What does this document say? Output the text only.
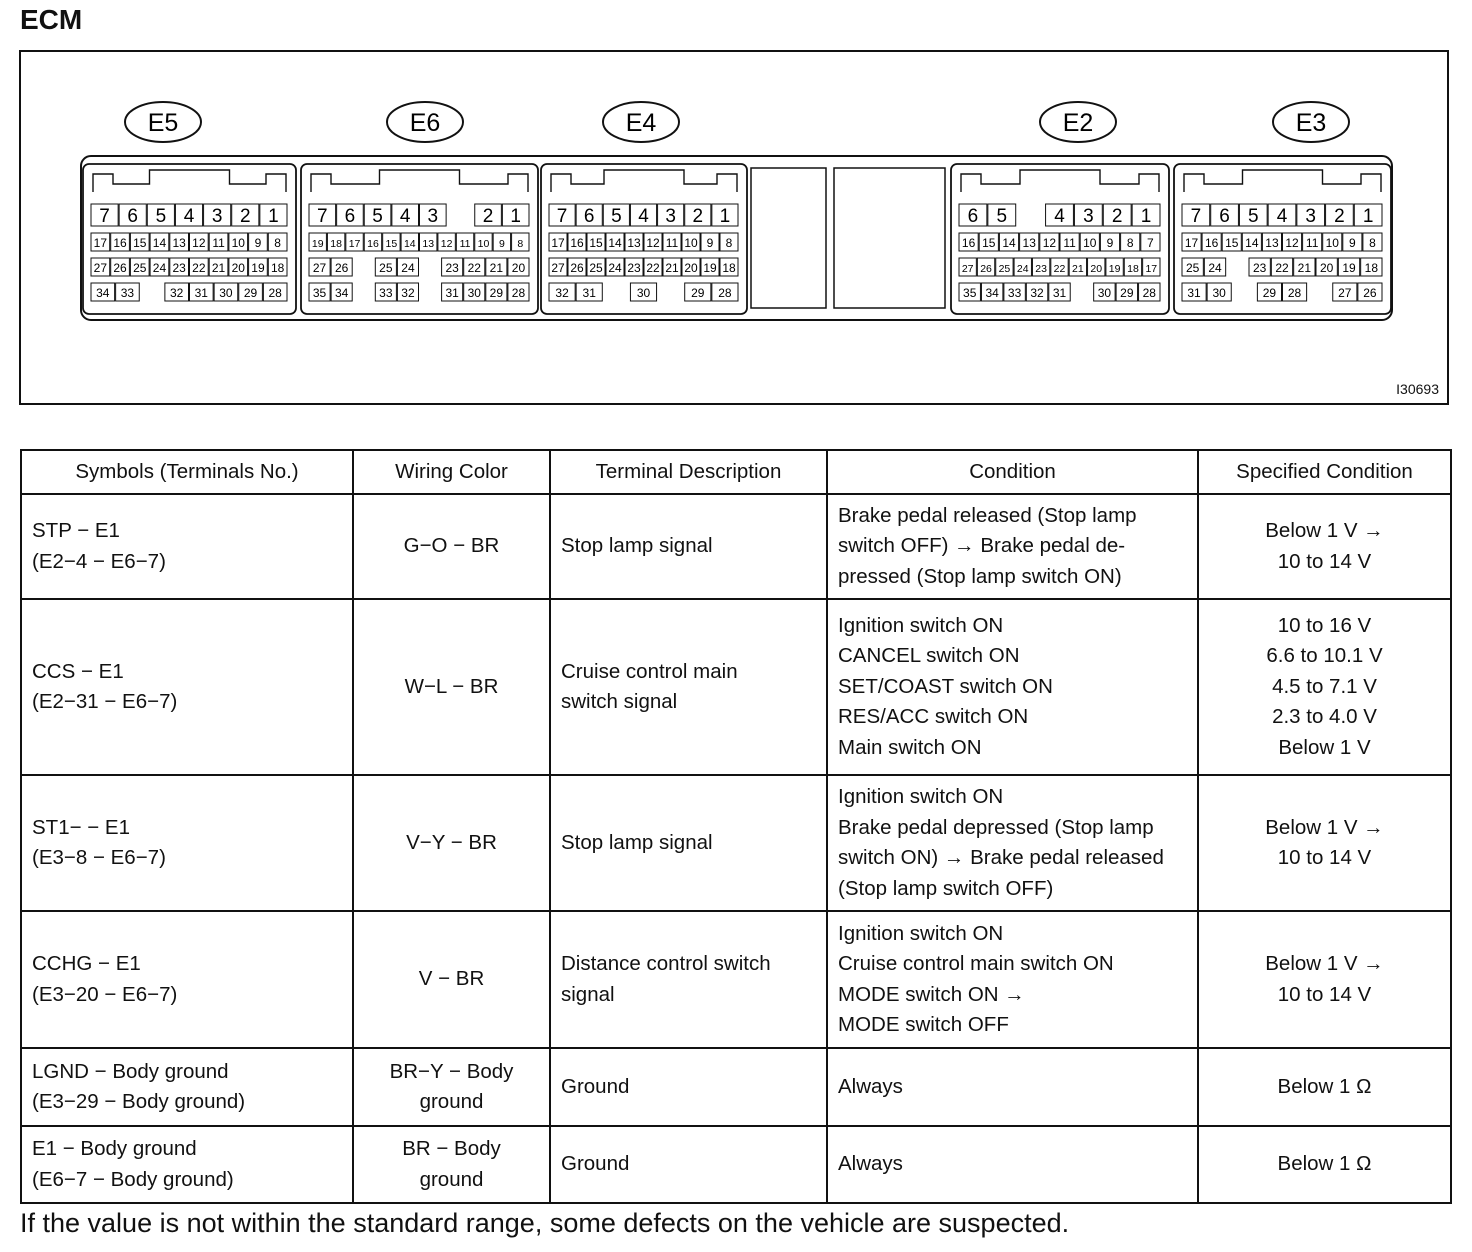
ECM
E5
7 6 5 4 3 2 1
17 16 15 14 13 12 11 10 9 8
27 26 25 24 23 22 21 20 19 18
34 33	32 31 30 29 28
E6
7 6 5 4 3 2 1
19 18 17 16 15 14 13 12 11 10 9 8
27 26	25 24	23 22 21 20
35 34	33 32	31 30 29 28
E4
7 6 5 4 3 2 1
17 16 15 14 13 12 11 10 9 8
27 26 25 24 23 22 21 20 19 18
32 31	30	29 28
E2
6 5 4 3 2 1
16 15 14 13 12 11 10 9 8 7
27 26 25 24 23 22 21 20 19 18 17
35 34 33 32 31	30 29 28
E3
7 6 5 4 3 2 1
17 16 15 14 13 12 11 10 9 8
25 24	23 22 21 20 19 18
31 30	29 28	27 26
I30693
Symbols (Terminals No.)	Wiring Color	Terminal Description	Condition	Specified Condition

STP − E1
(E2−4 − E6−7)	G−O − BR	Stop lamp signal	Brake pedal released (Stop lamp
switch OFF) → Brake pedal de-
pressed (Stop lamp switch ON)	Below 1 V →
10 to 14 V

CCS − E1
(E2−31 − E6−7)	W−L − BR	Cruise control main
switch signal	Ignition switch ON
CANCEL switch ON
SET/COAST switch ON
RES/ACC switch ON
Main switch ON	10 to 16 V
6.6 to 10.1 V
4.5 to 7.1 V
2.3 to 4.0 V
Below 1 V

ST1− − E1
(E3−8 − E6−7)	V−Y − BR	Stop lamp signal	Ignition switch ON
Brake pedal depressed (Stop lamp
switch ON) → Brake pedal released
(Stop lamp switch OFF)	Below 1 V →
10 to 14 V

CCHG − E1
(E3−20 − E6−7)	V − BR	Distance control switch
signal	Ignition switch ON
Cruise control main switch ON
MODE switch ON →
MODE switch OFF	Below 1 V →
10 to 14 V

LGND − Body ground
(E3−29 − Body ground)	BR−Y − Body
ground	Ground	Always	Below 1 Ω

E1 − Body ground
(E6−7 − Body ground)	BR − Body
ground	Ground	Always	Below 1 Ω
If the value is not within the standard range, some defects on the vehicle are suspected.
